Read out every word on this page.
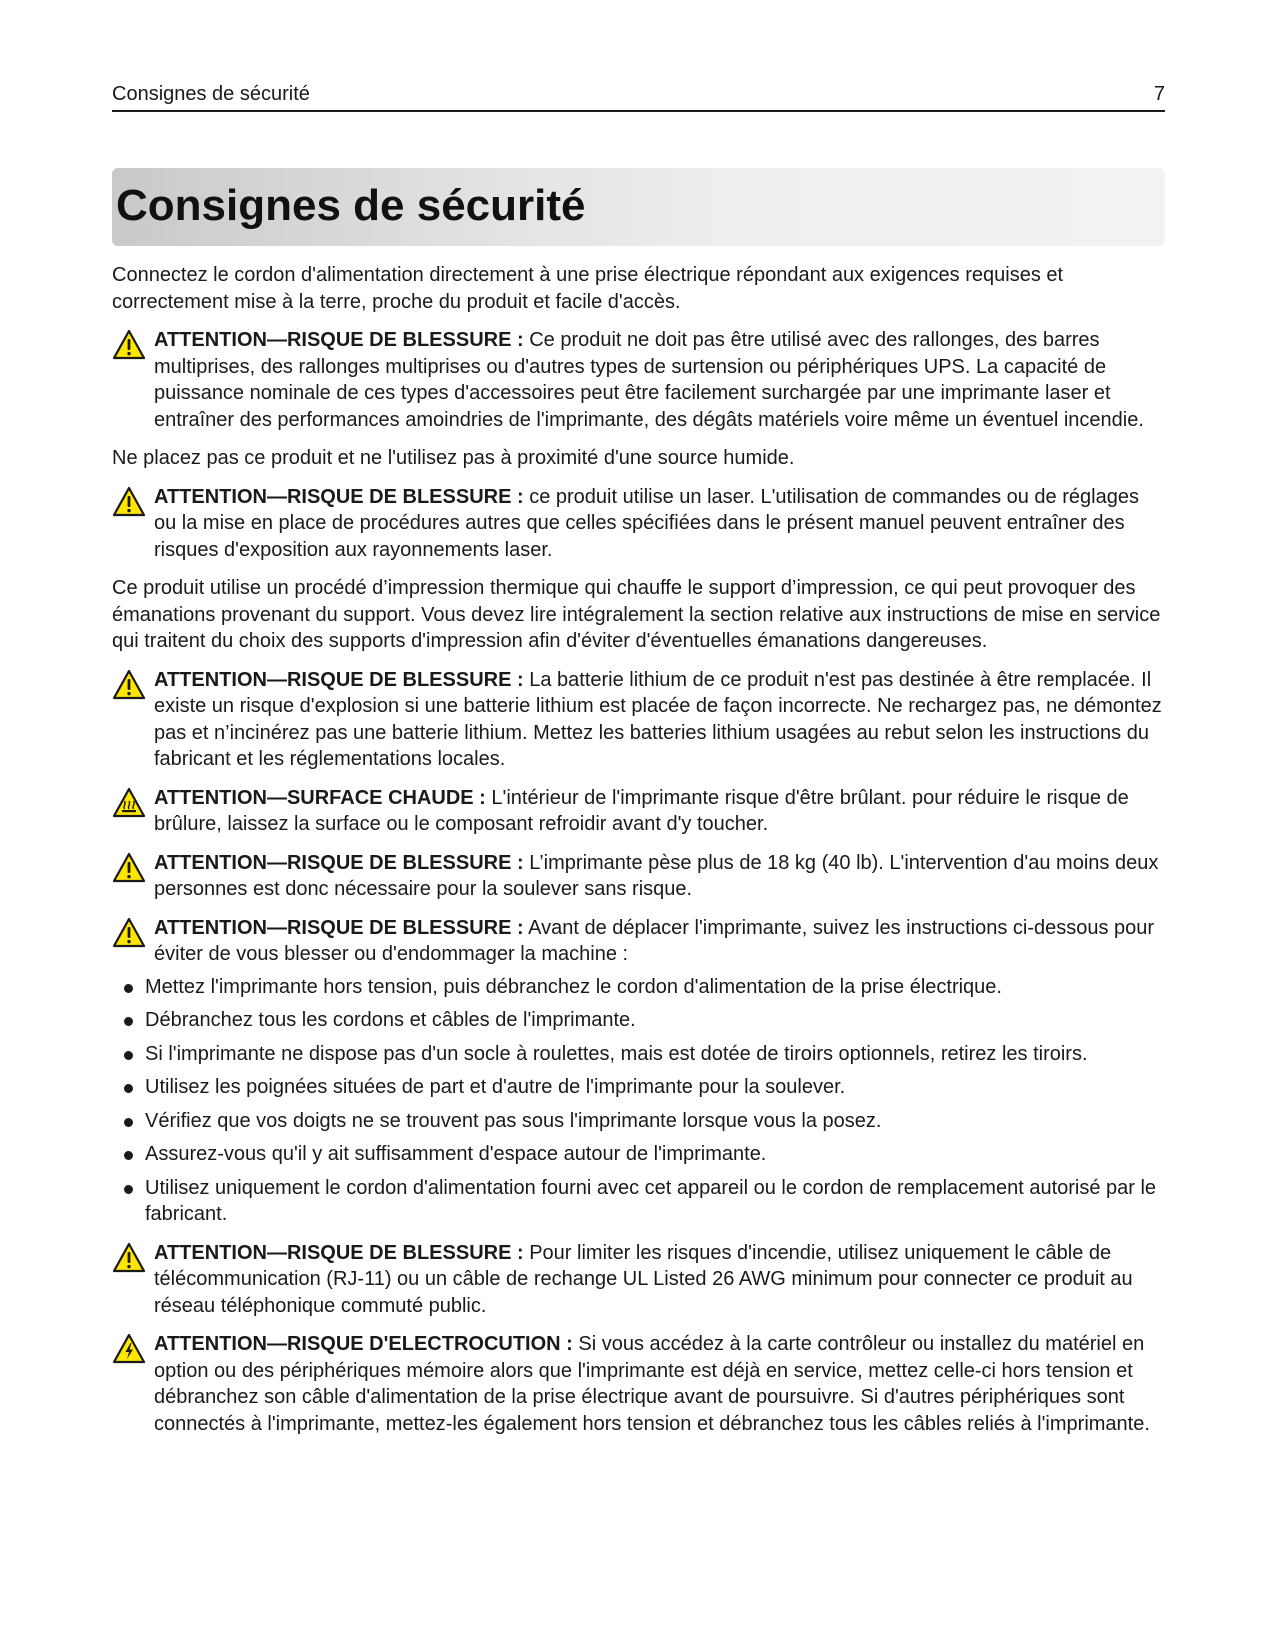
Consignes de sécurité	7
Consignes de sécurité

Connectez le cordon d'alimentation directement à une prise électrique répondant aux exigences requises et correctement mise à la terre, proche du produit et facile d'accès.

ATTENTION—RISQUE DE BLESSURE : Ce produit ne doit pas être utilisé avec des rallonges, des barres multiprises, des rallonges multiprises ou d'autres types de surtension ou périphériques UPS. La capacité de puissance nominale de ces types d'accessoires peut être facilement surchargée par une imprimante laser et entraîner des performances amoindries de l'imprimante, des dégâts matériels voire même un éventuel incendie.

Ne placez pas ce produit et ne l'utilisez pas à proximité d'une source humide.

ATTENTION—RISQUE DE BLESSURE : ce produit utilise un laser. L'utilisation de commandes ou de réglages ou la mise en place de procédures autres que celles spécifiées dans le présent manuel peuvent entraîner des risques d'exposition aux rayonnements laser.

Ce produit utilise un procédé d’impression thermique qui chauffe le support d’impression, ce qui peut provoquer des émanations provenant du support. Vous devez lire intégralement la section relative aux instructions de mise en service qui traitent du choix des supports d'impression afin d'éviter d'éventuelles émanations dangereuses.

ATTENTION—RISQUE DE BLESSURE : La batterie lithium de ce produit n'est pas destinée à être remplacée. Il existe un risque d'explosion si une batterie lithium est placée de façon incorrecte. Ne rechargez pas, ne démontez pas et n’incinérez pas une batterie lithium. Mettez les batteries lithium usagées au rebut selon les instructions du fabricant et les réglementations locales.
ATTENTION—SURFACE CHAUDE : L'intérieur de l'imprimante risque d'être brûlant. pour réduire le risque de brûlure, laissez la surface ou le composant refroidir avant d'y toucher.
ATTENTION—RISQUE DE BLESSURE : L’imprimante pèse plus de 18 kg (40 lb). L'intervention d'au moins deux personnes est donc nécessaire pour la soulever sans risque.
ATTENTION—RISQUE DE BLESSURE : Avant de déplacer l'imprimante, suivez les instructions ci-dessous pour éviter de vous blesser ou d'endommager la machine :
Mettez l'imprimante hors tension, puis débranchez le cordon d'alimentation de la prise électrique.
Débranchez tous les cordons et câbles de l'imprimante.
Si l'imprimante ne dispose pas d'un socle à roulettes, mais est dotée de tiroirs optionnels, retirez les tiroirs.
Utilisez les poignées situées de part et d'autre de l'imprimante pour la soulever.
Vérifiez que vos doigts ne se trouvent pas sous l'imprimante lorsque vous la posez.
Assurez-vous qu'il y ait suffisamment d'espace autour de l'imprimante.
Utilisez uniquement le cordon d'alimentation fourni avec cet appareil ou le cordon de remplacement autorisé par le fabricant.
ATTENTION—RISQUE DE BLESSURE : Pour limiter les risques d'incendie, utilisez uniquement le câble de télécommunication (RJ-11) ou un câble de rechange UL Listed 26 AWG minimum pour connecter ce produit au réseau téléphonique commuté public.
ATTENTION—RISQUE D'ELECTROCUTION : Si vous accédez à la carte contrôleur ou installez du matériel en option ou des périphériques mémoire alors que l'imprimante est déjà en service, mettez celle-ci hors tension et débranchez son câble d'alimentation de la prise électrique avant de poursuivre. Si d'autres périphériques sont connectés à l'imprimante, mettez-les également hors tension et débranchez tous les câbles reliés à l'imprimante.
